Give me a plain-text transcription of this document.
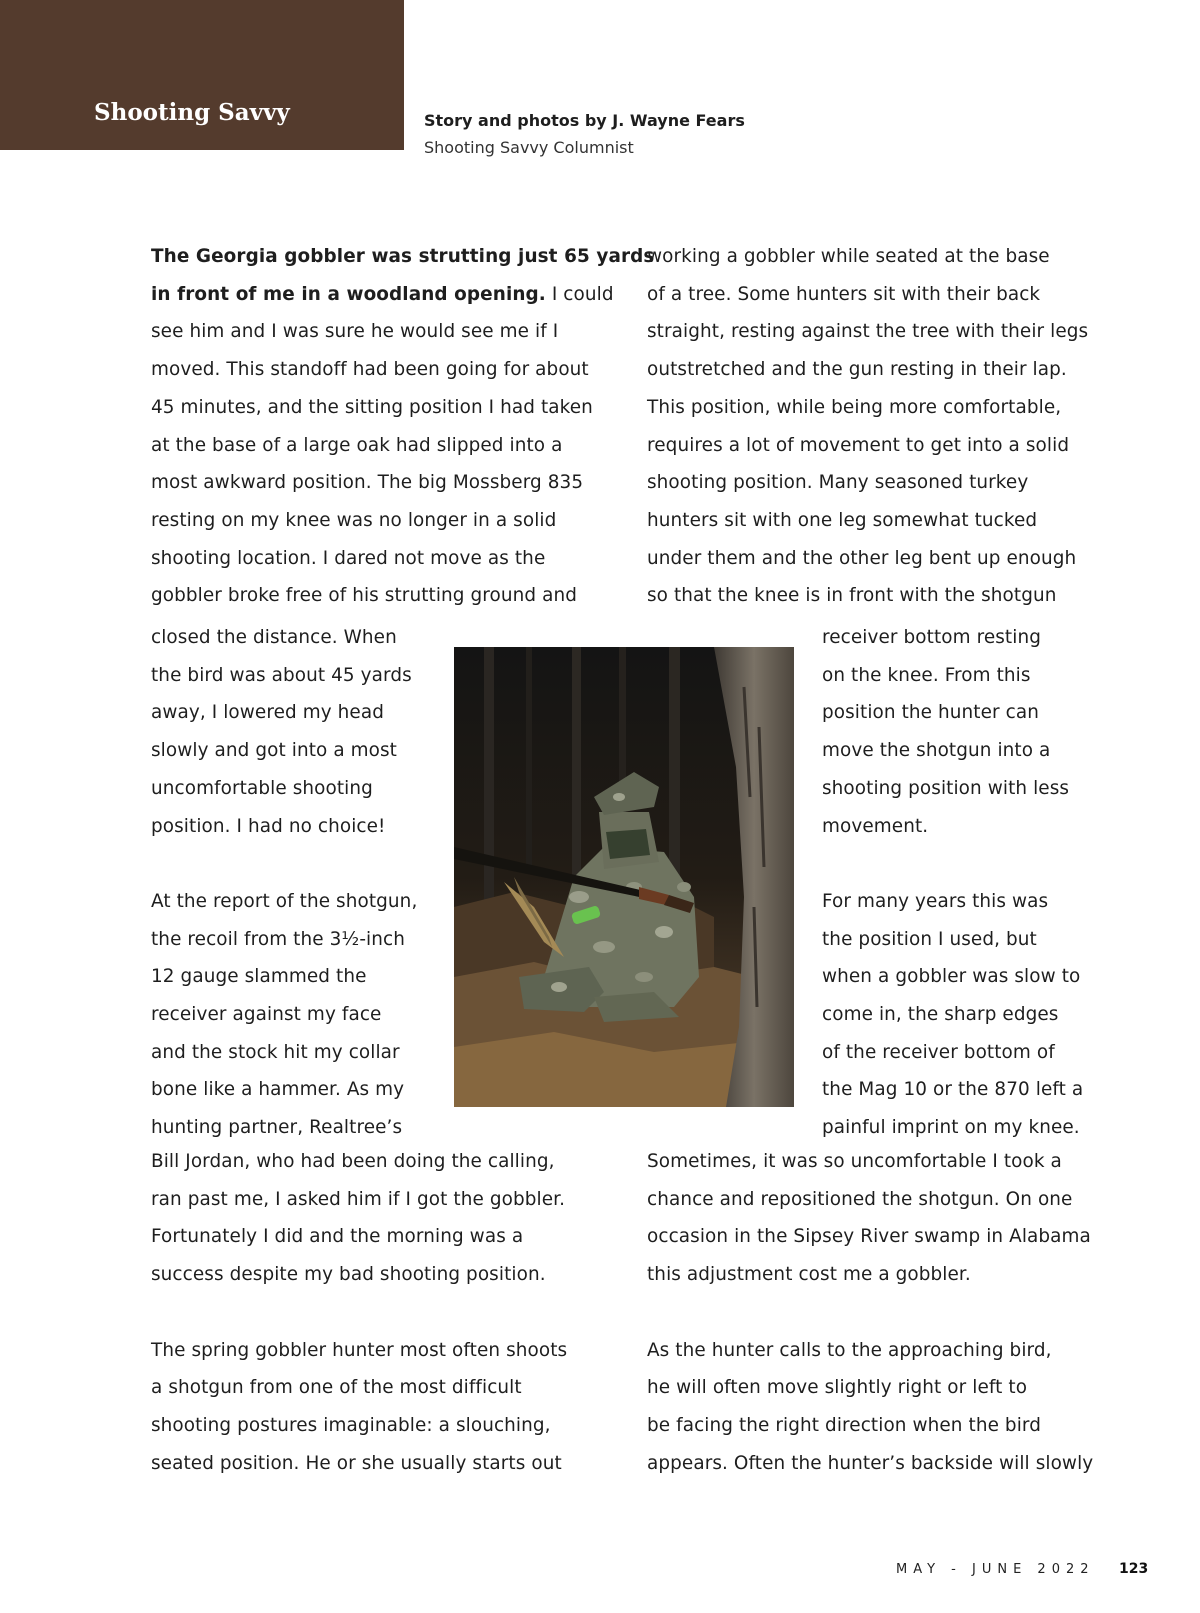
Shooting Savvy	Story and photos by J. Wayne Fears
Shooting Savvy Columnist

The Georgia gobbler was strutting just 65 yards
in front of me in a woodland opening. I could
see him and I was sure he would see me if I
moved. This standoff had been going for about
45 minutes, and the sitting position I had taken
at the base of a large oak had slipped into a
most awkward position. The big Mossberg 835
resting on my knee was no longer in a solid
shooting location. I dared not move as the
gobbler broke free of his strutting ground and

closed the distance. When
the bird was about 45 yards
away, I lowered my head
slowly and got into a most
uncomfortable shooting
position. I had no choice!

At the report of the shotgun,
the recoil from the 3½-inch
12 gauge slammed the
receiver against my face
and the stock hit my collar
bone like a hammer. As my
hunting partner, Realtree’s

Bill Jordan, who had been doing the calling,
ran past me, I asked him if I got the gobbler.
Fortunately I did and the morning was a
success despite my bad shooting position.

The spring gobbler hunter most often shoots
a shotgun from one of the most difficult
shooting postures imaginable: a slouching,
seated position. He or she usually starts out

working a gobbler while seated at the base
of a tree. Some hunters sit with their back
straight, resting against the tree with their legs
outstretched and the gun resting in their lap.
This position, while being more comfortable,
requires a lot of movement to get into a solid
shooting position. Many seasoned turkey
hunters sit with one leg somewhat tucked
under them and the other leg bent up enough
so that the knee is in front with the shotgun

receiver bottom resting
on the knee. From this
position the hunter can
move the shotgun into a
shooting position with less
movement.

For many years this was
the position I used, but
when a gobbler was slow to
come in, the sharp edges
of the receiver bottom of
the Mag 10 or the 870 left a
painful imprint on my knee.

Sometimes, it was so uncomfortable I took a
chance and repositioned the shotgun. On one
occasion in the Sipsey River swamp in Alabama
this adjustment cost me a gobbler.

As the hunter calls to the approaching bird,
he will often move slightly right or left to
be facing the right direction when the bird
appears. Often the hunter’s backside will slowly

MAY - JUNE 2022 123
